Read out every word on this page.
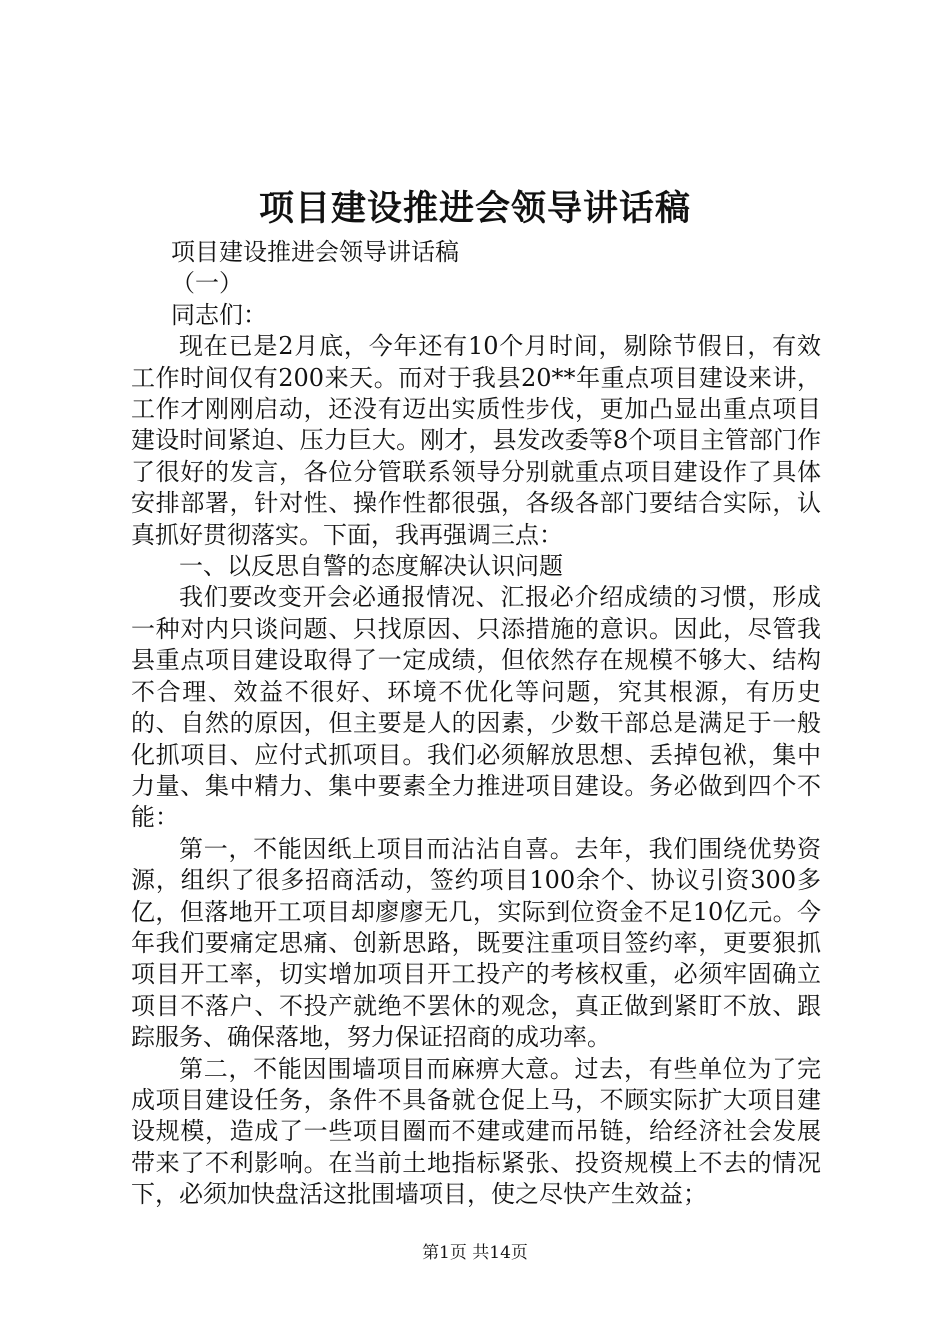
项目建设推进会领导讲话稿

项目建设推进会领导讲话稿

（一）

同志们：

现在已是2月底，今年还有10个月时间，剔除节假日，有效工作时间仅有200来天。而对于我县20**年重点项目建设来讲，工作才刚刚启动，还没有迈出实质性步伐，更加凸显出重点项目建设时间紧迫、压力巨大。刚才，县发改委等8个项目主管部门作了很好的发言，各位分管联系领导分别就重点项目建设作了具体安排部署，针对性、操作性都很强，各级各部门要结合实际，认真抓好贯彻落实。下面，我再强调三点：

一、以反思自警的态度解决认识问题

我们要改变开会必通报情况、汇报必介绍成绩的习惯，形成一种对内只谈问题、只找原因、只添措施的意识。因此，尽管我县重点项目建设取得了一定成绩，但依然存在规模不够大、结构不合理、效益不很好、环境不优化等问题，究其根源，有历史的、自然的原因，但主要是人的因素，少数干部总是满足于一般化抓项目、应付式抓项目。我们必须解放思想、丢掉包袱，集中力量、集中精力、集中要素全力推进项目建设。务必做到四个不能：

第一，不能因纸上项目而沾沾自喜。去年，我们围绕优势资源，组织了很多招商活动，签约项目100余个、协议引资300多亿，但落地开工项目却廖廖无几，实际到位资金不足10亿元。今年我们要痛定思痛、创新思路，既要注重项目签约率，更要狠抓项目开工率，切实增加项目开工投产的考核权重，必须牢固确立项目不落户、不投产就绝不罢休的观念，真正做到紧盯不放、跟踪服务、确保落地，努力保证招商的成功率。

第二，不能因围墙项目而麻痹大意。过去，有些单位为了完成项目建设任务，条件不具备就仓促上马，不顾实际扩大项目建设规模，造成了一些项目圈而不建或建而吊链，给经济社会发展带来了不利影响。在当前土地指标紧张、投资规模上不去的情况下，必须加快盘活这批围墙项目，使之尽快产生效益；

第1页 共14页
